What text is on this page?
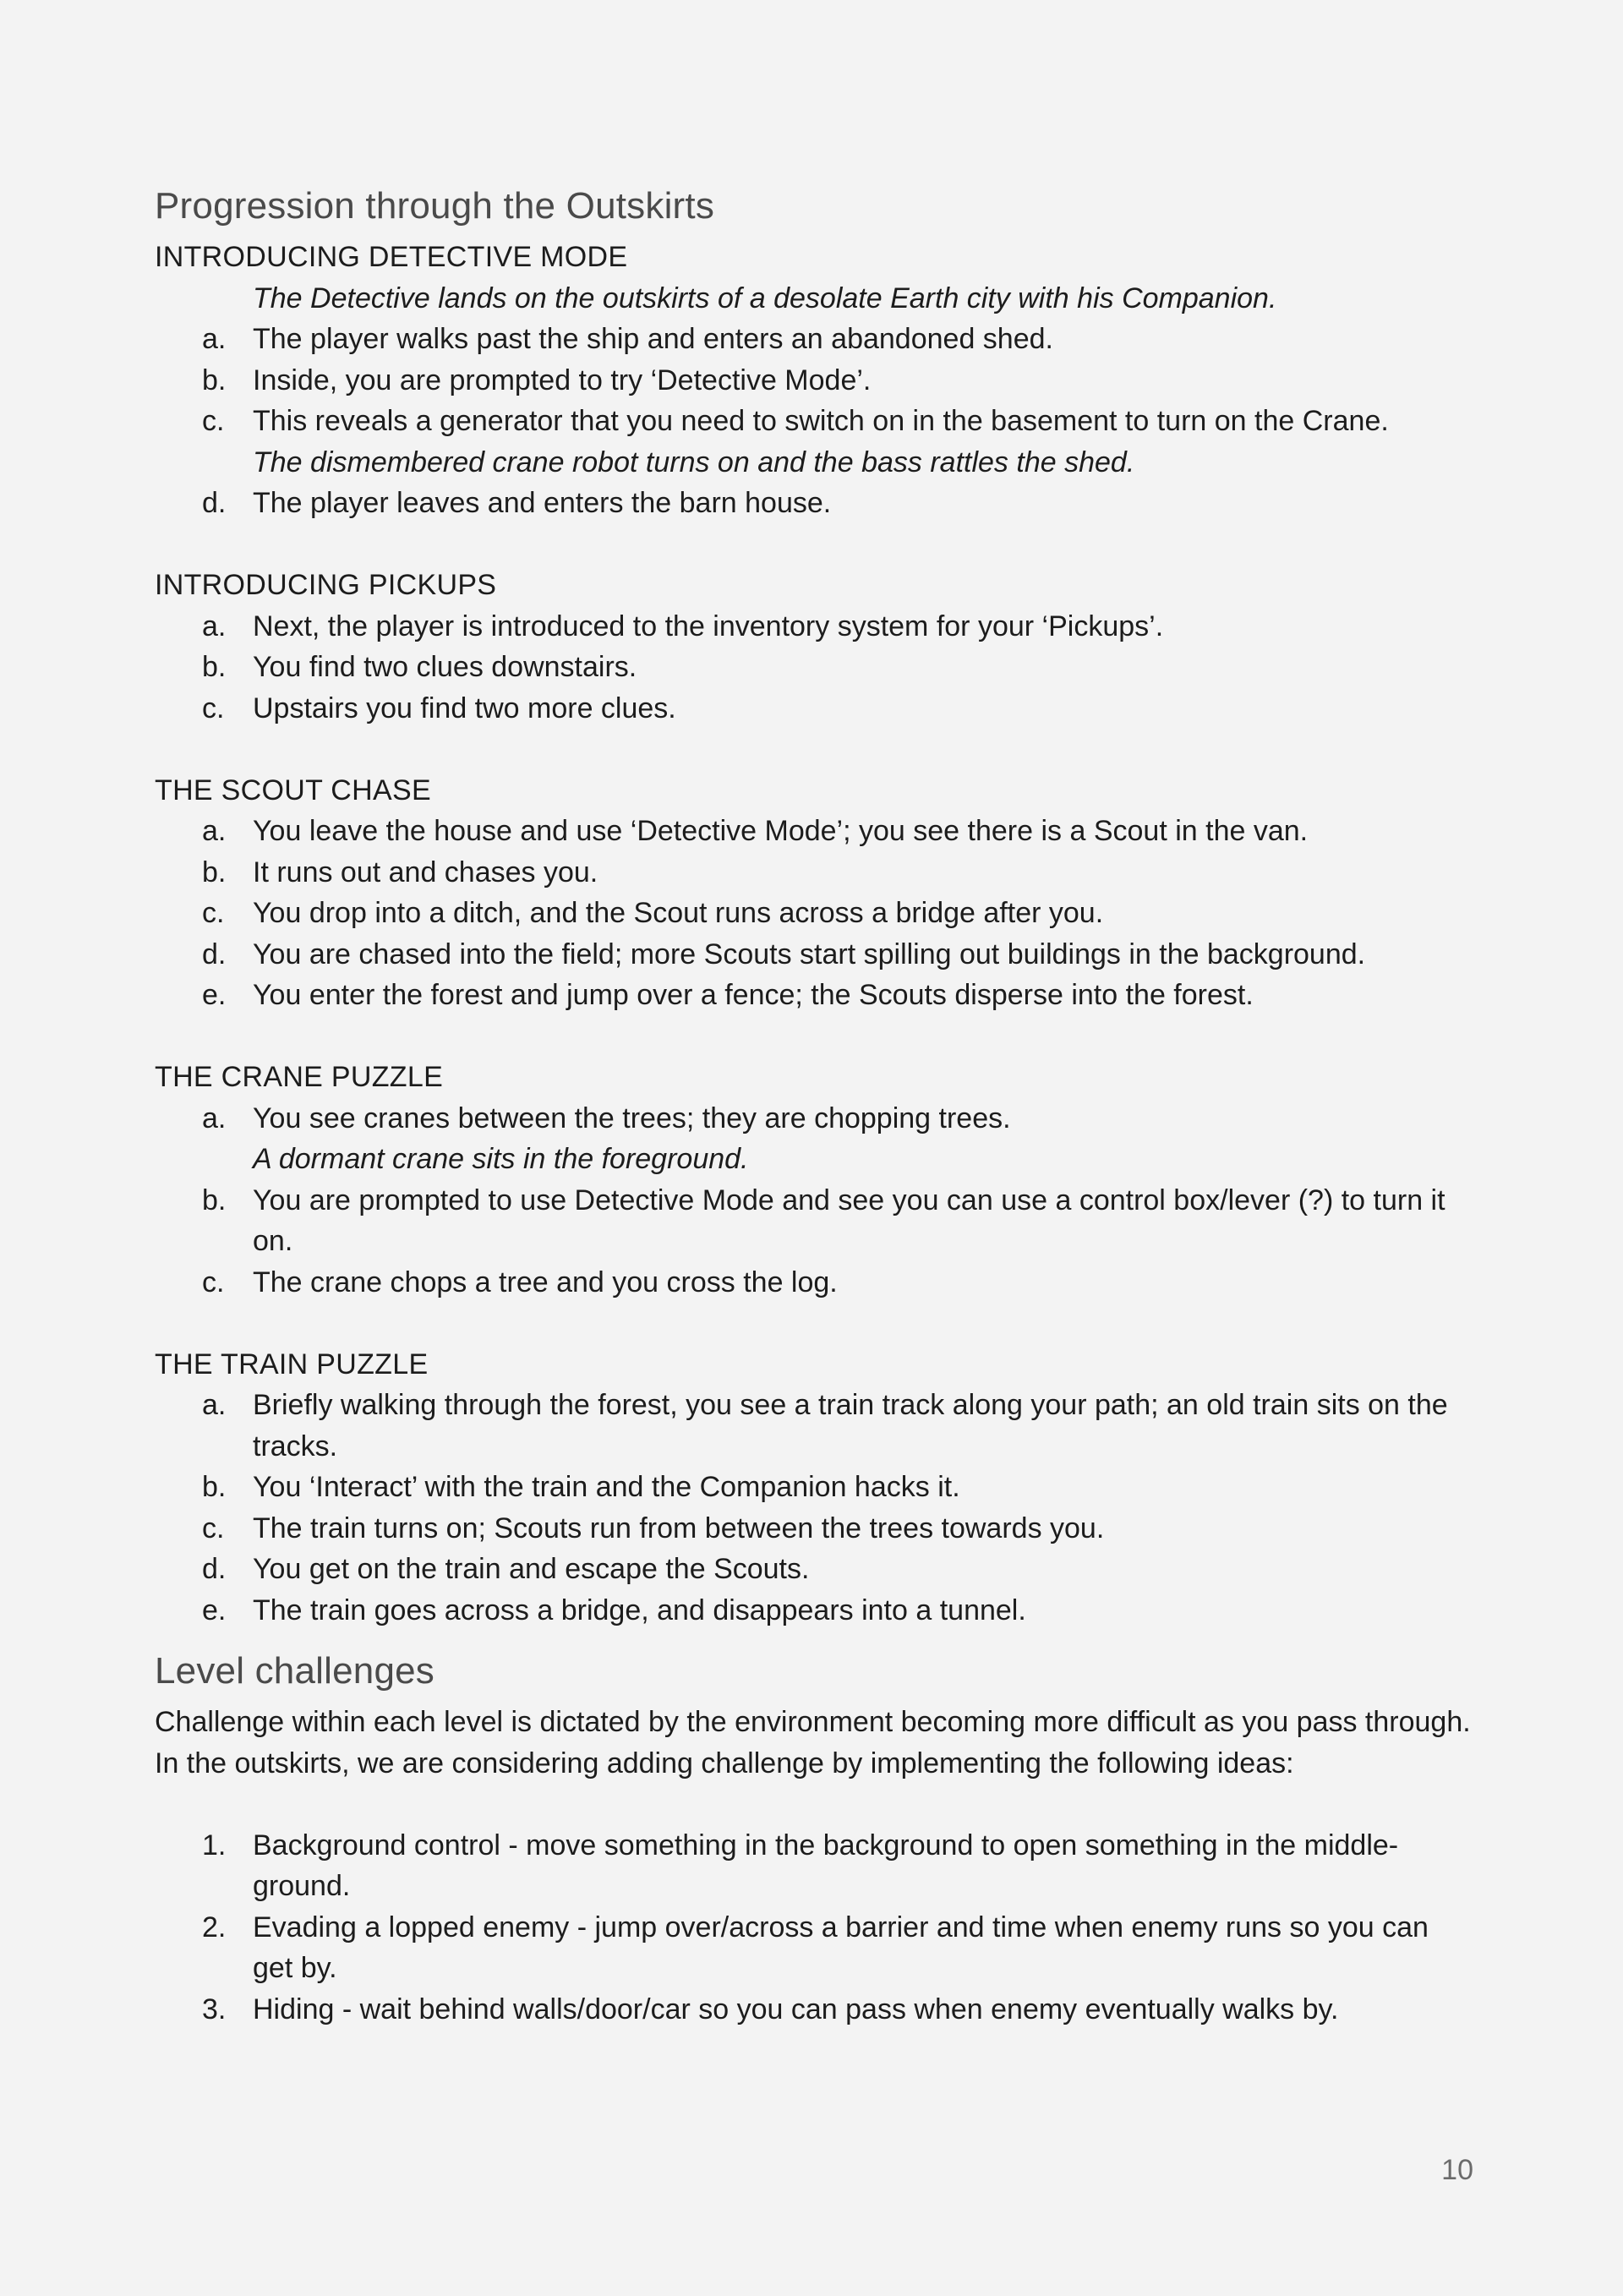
Progression through the Outskirts

INTRODUCING DETECTIVE MODE

The Detective lands on the outskirts of a desolate Earth city with his Companion.
a. The player walks past the ship and enters an abandoned shed.
b. Inside, you are prompted to try ‘Detective Mode’.
c. This reveals a generator that you need to switch on in the basement to turn on the Crane.
The dismembered crane robot turns on and the bass rattles the shed.
d. The player leaves and enters the barn house.

INTRODUCING PICKUPS

a. Next, the player is introduced to the inventory system for your ‘Pickups’.
b. You find two clues downstairs.
c. Upstairs you find two more clues.

THE SCOUT CHASE

a. You leave the house and use ‘Detective Mode’; you see there is a Scout in the van.
b. It runs out and chases you.
c. You drop into a ditch, and the Scout runs across a bridge after you.
d. You are chased into the field; more Scouts start spilling out buildings in the background.
e. You enter the forest and jump over a fence; the Scouts disperse into the forest.

THE CRANE PUZZLE

a. You see cranes between the trees; they are chopping trees.
A dormant crane sits in the foreground.
b. You are prompted to use Detective Mode and see you can use a control box/lever (?) to turn it on.
c. The crane chops a tree and you cross the log.

THE TRAIN PUZZLE

a. Briefly walking through the forest, you see a train track along your path; an old train sits on the tracks.
b. You ‘Interact’ with the train and the Companion hacks it.
c. The train turns on; Scouts run from between the trees towards you.
d. You get on the train and escape the Scouts.
e. The train goes across a bridge, and disappears into a tunnel.
Level challenges

Challenge within each level is dictated by the environment becoming more difficult as you pass through. In the outskirts, we are considering adding challenge by implementing the following ideas:

1. Background control - move something in the background to open something in the middle-ground.
2. Evading a lopped enemy - jump over/across a barrier and time when enemy runs so you can get by.
3. Hiding - wait behind walls/door/car so you can pass when enemy eventually walks by.
10
